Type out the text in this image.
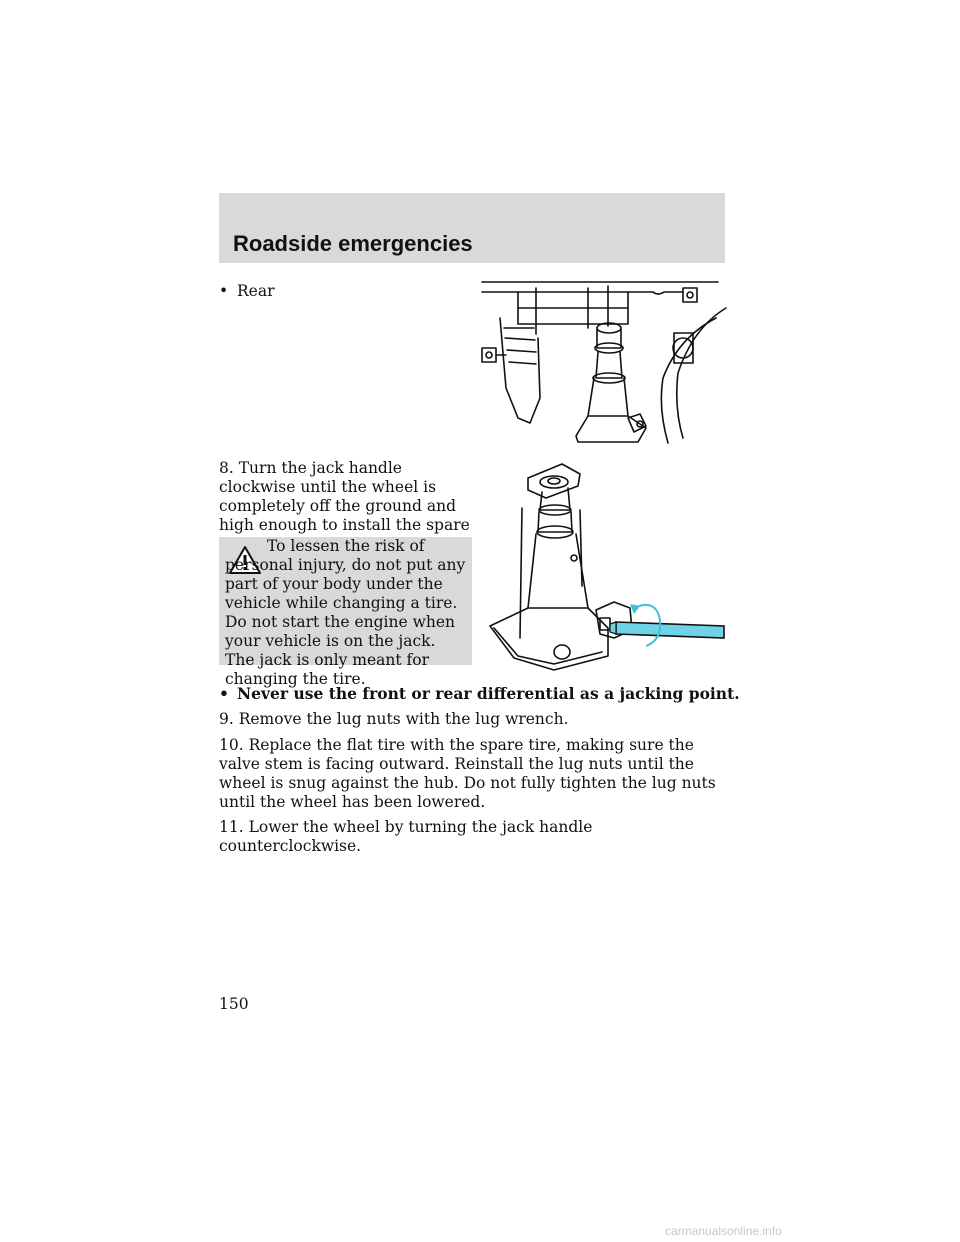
Roadside emergencies
• Rear

8. Turn the jack handle clockwise until the wheel is completely off the ground and high enough to install the spare

To lessen the risk of personal injury, do not put any part of your body under the vehicle while changing a tire. Do not start the engine when your vehicle is on the jack. The jack is only meant for changing the tire.

• Never use the front or rear differential as a jacking point.

9. Remove the lug nuts with the lug wrench.

10. Replace the flat tire with the spare tire, making sure the valve stem is facing outward. Reinstall the lug nuts until the wheel is snug against the hub. Do not fully tighten the lug nuts until the wheel has been lowered.

11. Lower the wheel by turning the jack handle counterclockwise.

150

carmanualsonline.info
